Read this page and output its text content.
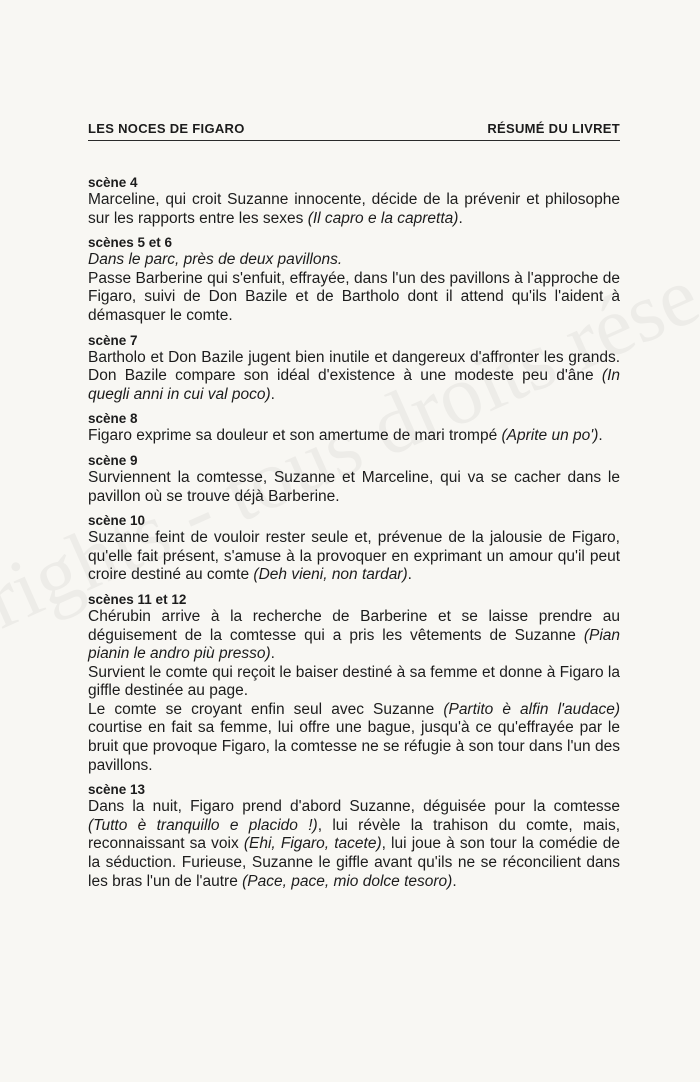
LES NOCES DE FIGARO	RÉSUMÉ DU LIVRET
scène 4

Marceline, qui croit Suzanne innocente, décide de la prévenir et philosophe sur les rapports entre les sexes (Il capro e la capretta).

scènes 5 et 6

Dans le parc, près de deux pavillons.

Passe Barberine qui s'enfuit, effrayée, dans l'un des pavillons à l'approche de Figaro, suivi de Don Bazile et de Bartholo dont il attend qu'ils l'aident à démasquer le comte.

scène 7

Bartholo et Don Bazile jugent bien inutile et dangereux d'affronter les grands. Don Bazile compare son idéal d'existence à une modeste peu d'âne (In quegli anni in cui val poco).

scène 8

Figaro exprime sa douleur et son amertume de mari trompé (Aprite un po').

scène 9

Surviennent la comtesse, Suzanne et Marceline, qui va se cacher dans le pavillon où se trouve déjà Barberine.

scène 10

Suzanne feint de vouloir rester seule et, prévenue de la jalousie de Figaro, qu'elle fait présent, s'amuse à la provoquer en exprimant un amour qu'il peut croire destiné au comte (Deh vieni, non tardar).

scènes 11 et 12

Chérubin arrive à la recherche de Barberine et se laisse prendre au déguisement de la comtesse qui a pris les vêtements de Suzanne (Pian pianin le andro più presso).

Survient le comte qui reçoit le baiser destiné à sa femme et donne à Figaro la giffle destinée au page.

Le comte se croyant enfin seul avec Suzanne (Partito è alfin l'audace) courtise en fait sa femme, lui offre une bague, jusqu'à ce qu'effrayée par le bruit que provoque Figaro, la comtesse ne se réfugie à son tour dans l'un des pavillons.

scène 13

Dans la nuit, Figaro prend d'abord Suzanne, déguisée pour la comtesse (Tutto è tranquillo e placido !), lui révèle la trahison du comte, mais, reconnaissant sa voix (Ehi, Figaro, tacete), lui joue à son tour la comédie de la séduction. Furieuse, Suzanne le giffle avant qu'ils ne se réconcilient dans les bras l'un de l'autre (Pace, pace, mio dolce tesoro).
